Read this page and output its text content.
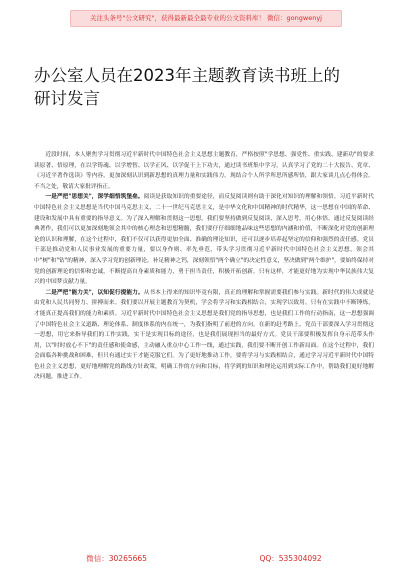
关注头条号"公文研究"，获得最新最全最专业的公文资料库！ 微信：gongwenyj
办公室人员在2023年主题教育读书班上的
研讨发言

近段时间，本人聚焦学习贯彻习近平新时代中国特色社会主义思想主题教育，严格按照"学思想、强党性、重实践、建新功"的要求读原著、悟原理，在以学铸魂、以学增智、以学正风、以学促干上下功夫，通过读书班集中学习，认真学习了党的二十大报告、党章、《习近平著作选读》等内容，更加深刻认识到新思想的真理力量和实践伟力。现结合个人所学所思所感所悟，跟大家谈几点心得体会。不当之处，敬请大家批评指正。

一是严把"思想关"，深学细悟筑堡垒。阅读是获取知识的重要途径，而反复阅读则有助于深化对知识的理解和领悟。习近平新时代中国特色社会主义思想是当代中国马克思主义、二十一世纪马克思主义，是中华文化和中国精神的时代精华，这一思想在中国的革命、建设和发展中具有重要的指导意义。为了深入理解和贯彻这一思想，我们要坚持做到反复阅读、深入思考，用心体悟。通过反复阅读经典著作，我们可以更加深刻地领会其中的核心理念和思想精髓，我们要仔仔细细地品味这些思想的内涵和价值，不断深化对党的创新理论的认识和理解，在这个过程中，我们不仅可以获得更加全面、准确的理论知识，还可以逐步培养起坚定的信仰和强烈的责任感。党员干部是推动党和人民事业发展的重要力量，要以身作则、率先垂范，带头学习贯彻习近平新时代中国特色社会主义思想，领会其中"树"和"钻"的精神，深入学习党的创新理论，补足精神之钙，深刻领悟"两个确立"的决定性意义，坚决做到"两个维护"，要始终保持对党的创新理论的信仰和忠诚，不断提高自身素质和能力，勇于担当责任，积极开拓创新。只有这样，才能更好地为实现中华民族伟大复兴的中国梦贡献力量。

二是严把"能力关"，以知促行提能力。从书本上得来的知识毕竟有限，真正的理解和掌握需要我们参与实践。新时代的伟大成就是由党和人民共同努力、拼搏而来。我们要以开展主题教育为契机，学会将学习和实践相结合，实现学以致用。只有在实践中不断锤炼，才能真正提高我们的能力和素质。习近平新时代中国特色社会主义思想是我们党的指导思想，也是我们工作的行动指南，这一思想强调了中国特色社会主义道路、理论体系、制度体系的内在统一，为我们指明了前进的方向。在新的赶考路上，党员干部要深入学习贯彻这一思想，用它来指导我们的工作实践，实干是实现目标的途径，也是我们展现担当的最好方式。党员干部要积极发挥自身示范带头作用，以"时时放心不下"的责任感和使命感，主动融入重点中心工作一线，通过实践，我们要不断开创工作新局面。在这个过程中，我们会面临各种挑战和困难，但只有通过实干才能克服它们。为了更好地推动工作，要将学习与实践相结合，通过学习习近平新时代中国特色社会主义思想，更好地理解党的路线方针政策，明确工作的方向和目标，将学到的知识和理论运用到实际工作中，帮助我们更好地解决问题，推进工作。

微信：30265665	QQ：535304092
